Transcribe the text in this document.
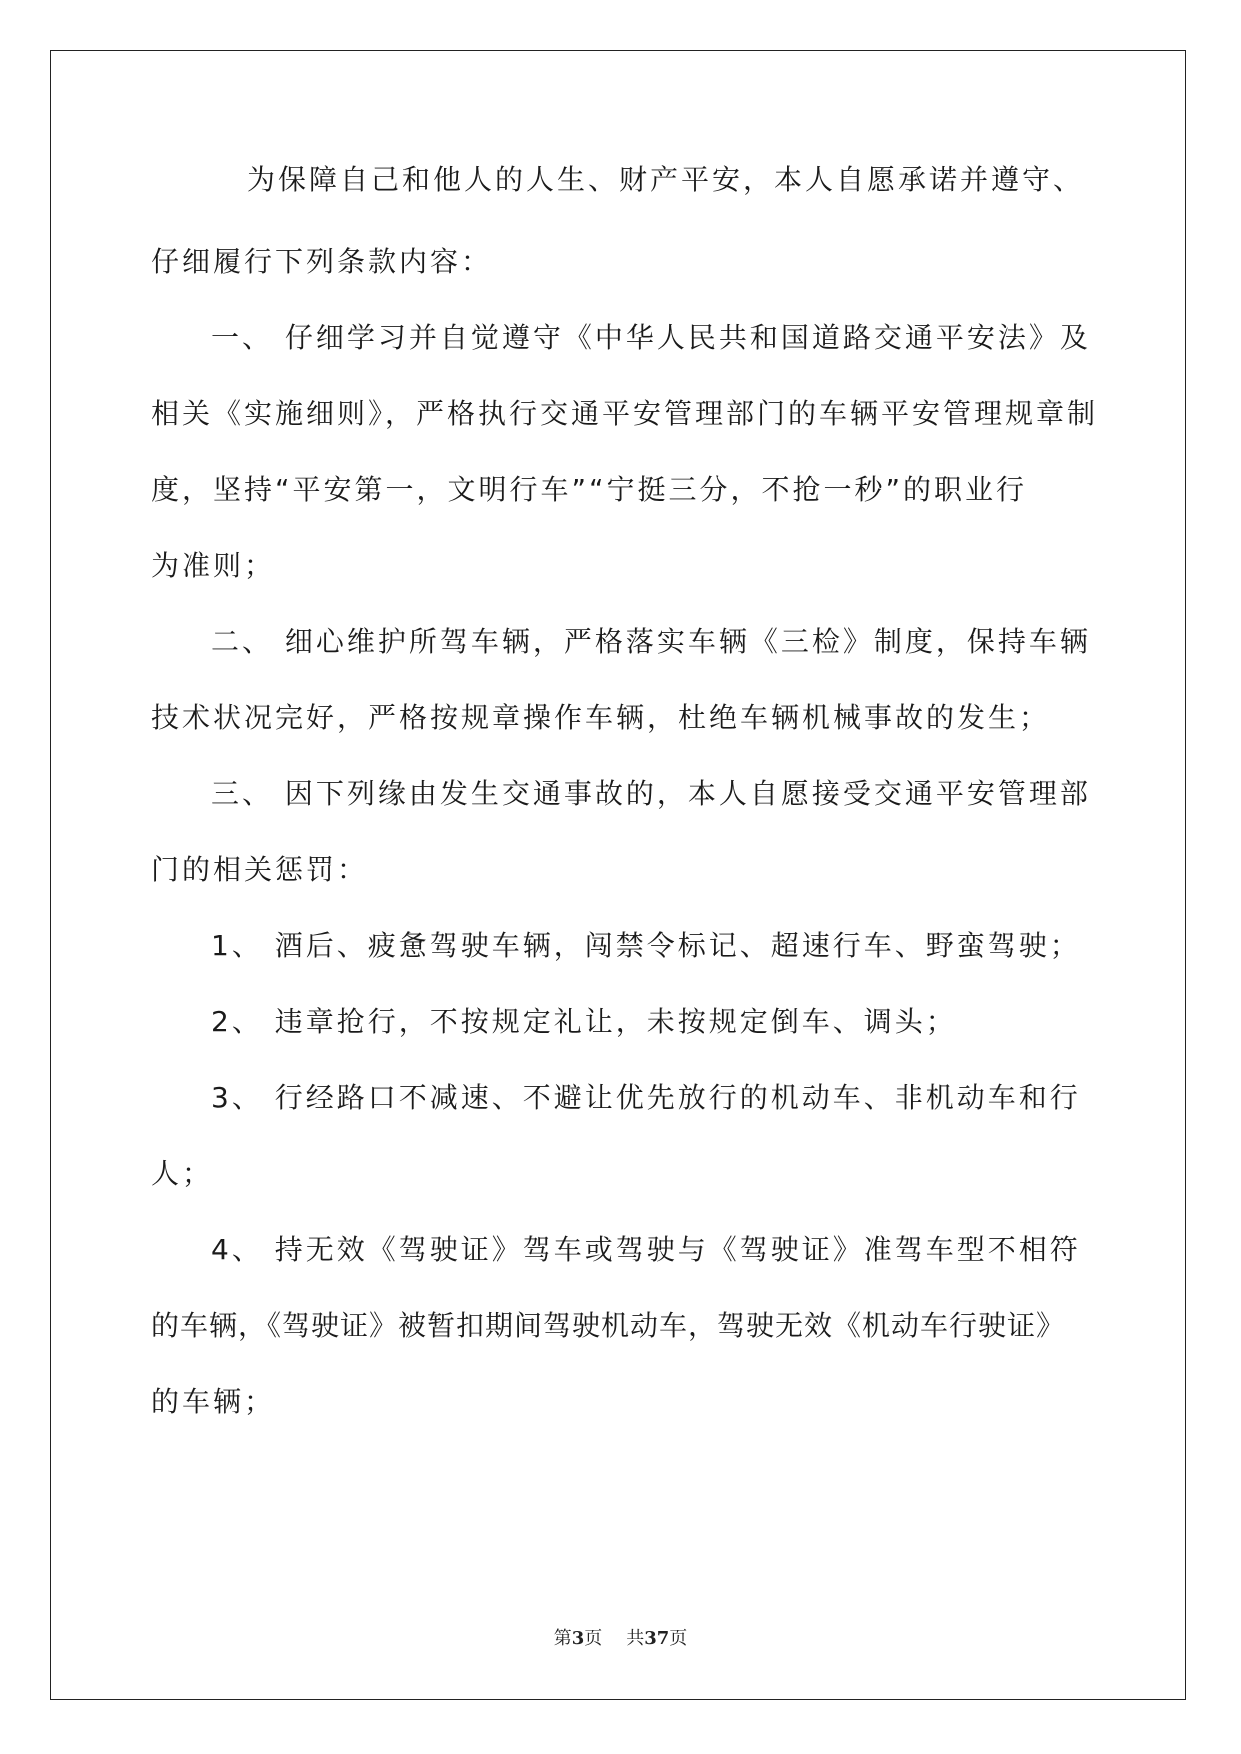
为保障自己和他人的人生、财产平安，本人自愿承诺并遵守、
仔细履行下列条款内容：
一、 仔细学习并自觉遵守《中华人民共和国道路交通平安法》及
相关《实施细则》，严格执行交通平安管理部门的车辆平安管理规章制
度，坚持“平安第一，文明行车”“宁挺三分，不抢一秒”的职业行
为准则；
二、 细心维护所驾车辆，严格落实车辆《三检》制度，保持车辆
技术状况完好，严格按规章操作车辆，杜绝车辆机械事故的发生；
三、 因下列缘由发生交通事故的，本人自愿接受交通平安管理部
门的相关惩罚：
1、 酒后、疲惫驾驶车辆，闯禁令标记、超速行车、野蛮驾驶；
2、 违章抢行，不按规定礼让，未按规定倒车、调头；
3、 行经路口不减速、不避让优先放行的机动车、非机动车和行
人；
4、 持无效《驾驶证》驾车或驾驶与《驾驶证》准驾车型不相符
的车辆，《驾驶证》被暂扣期间驾驶机动车，驾驶无效《机动车行驶证》
的车辆；
第3页 共37页
